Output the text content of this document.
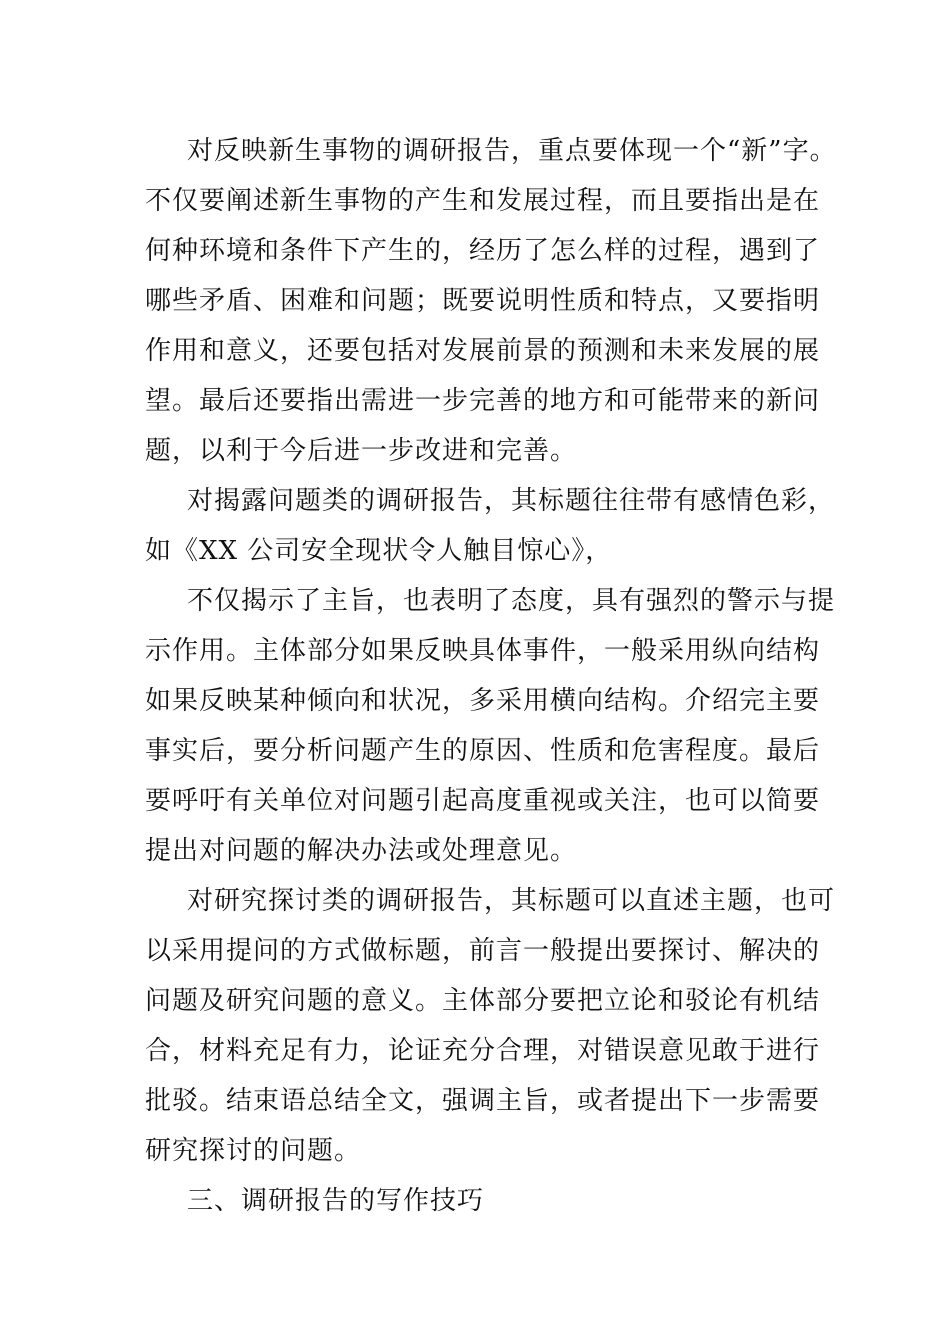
对反映新生事物的调研报告，重点要体现一个“新”字。
不仅要阐述新生事物的产生和发展过程，而且要指出是在
何种环境和条件下产生的，经历了怎么样的过程，遇到了
哪些矛盾、困难和问题；既要说明性质和特点，又要指明
作用和意义，还要包括对发展前景的预测和未来发展的展
望。最后还要指出需进一步完善的地方和可能带来的新问
题，以利于今后进一步改进和完善。
对揭露问题类的调研报告，其标题往往带有感情色彩，
如《XX 公司安全现状令人触目惊心》，
不仅揭示了主旨，也表明了态度，具有强烈的警示与提
示作用。主体部分如果反映具体事件，一般采用纵向结构
如果反映某种倾向和状况，多采用横向结构。介绍完主要
事实后，要分析问题产生的原因、性质和危害程度。最后
要呼吁有关单位对问题引起高度重视或关注，也可以简要
提出对问题的解决办法或处理意见。
对研究探讨类的调研报告，其标题可以直述主题，也可
以采用提问的方式做标题，前言一般提出要探讨、解决的
问题及研究问题的意义。主体部分要把立论和驳论有机结
合，材料充足有力，论证充分合理，对错误意见敢于进行
批驳。结束语总结全文，强调主旨，或者提出下一步需要
研究探讨的问题。
三、调研报告的写作技巧
